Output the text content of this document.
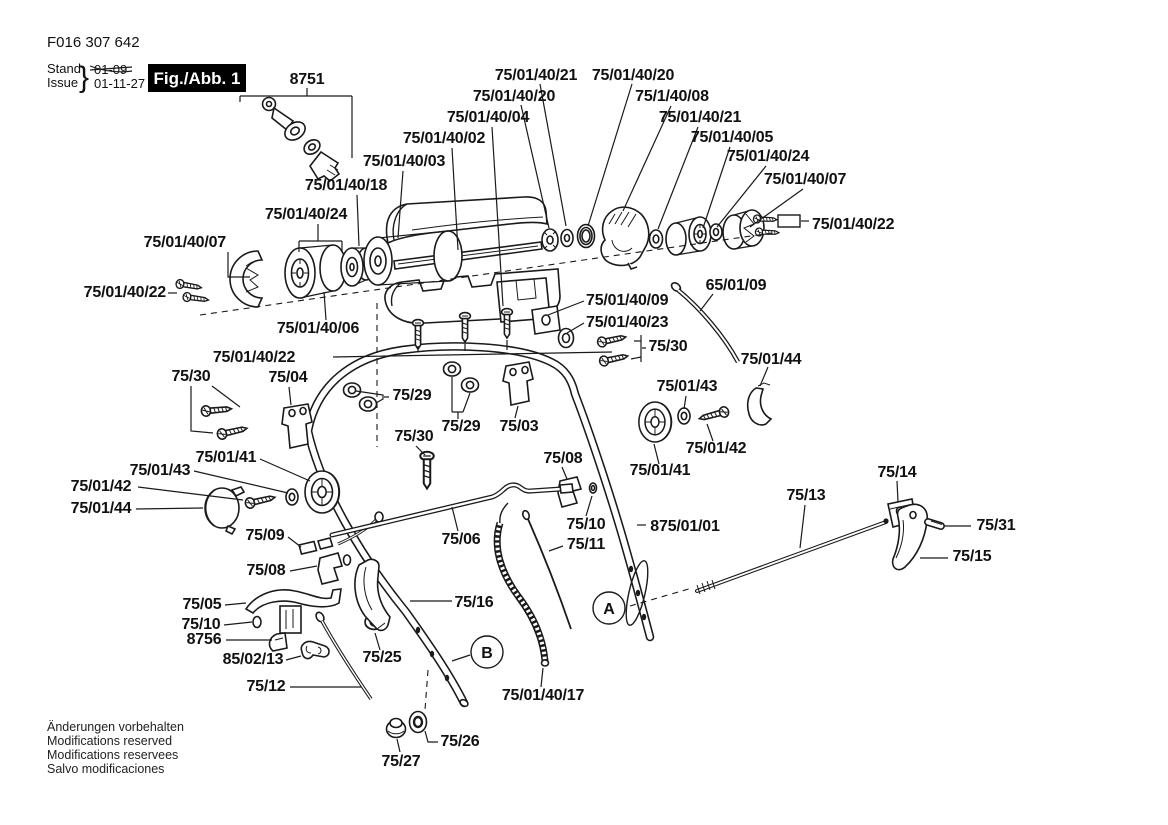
A
B
8751	75/01/40/21 75/01/40/20
75/01/40/20	75/1/40/08
75/01/40/04	75/01/40/21
75/01/40/02	75/01/40/05
75/01/40/03	75/01/40/24
75/01/40/07
75/01/40/18
75/01/40/24
75/01/40/07
75/01/40/22
75/01/40/22
65/01/09
75/01/40/09
75/01/40/23
75/30
75/01/44
75/01/40/06
75/01/40/22
75/30	75/04
75/29
75/01/43
75/29
75/30
75/03
75/01/43
75/01/42
75/01/44
75/01/41
75/01/41
75/01/42
75/08
75/14
75/13
75/09
75/10	875/01/01	75/31
75/06	75/11
75/15
75/08
75/05	75/16
75/10
8756
85/02/13	75/25
75/12
75/01/40/17
75/26
75/27
F016 307 642
Stand
Issue } 01-09
01-11-27 Fig./Abb. 1
Änderungen vorbehalten
Modifications reserved
Modifications reservees
Salvo modificaciones
